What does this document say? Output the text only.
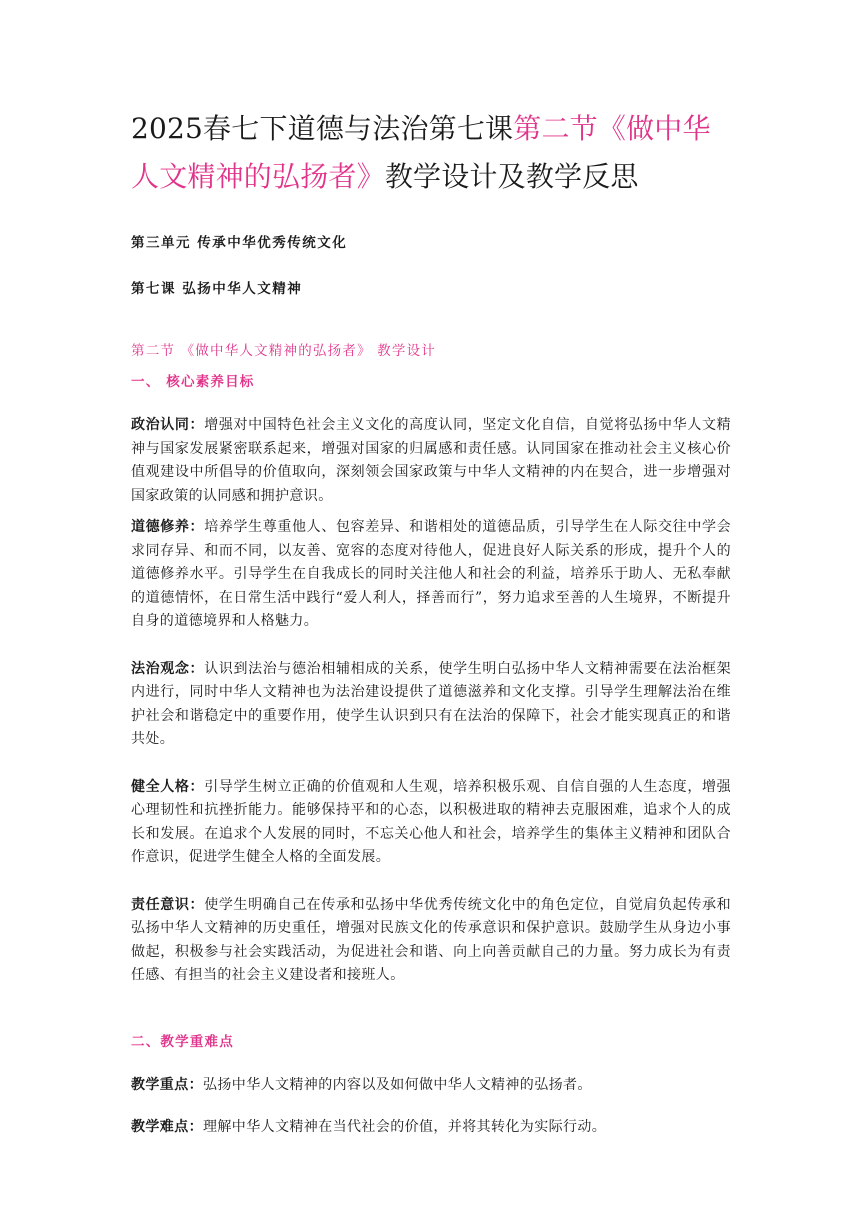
2025春七下道德与法治第七课第二节《做中华人文精神的弘扬者》教学设计及教学反思

第三单元 传承中华优秀传统文化

第七课 弘扬中华人文精神

第二节 《做中华人文精神的弘扬者》 教学设计

一、 核心素养目标

政治认同：增强对中国特色社会主义文化的高度认同，坚定文化自信，自觉将弘扬中华人文精神与国家发展紧密联系起来，增强对国家的归属感和责任感。认同国家在推动社会主义核心价值观建设中所倡导的价值取向，深刻领会国家政策与中华人文精神的内在契合，进一步增强对国家政策的认同感和拥护意识。

道德修养：培养学生尊重他人、包容差异、和谐相处的道德品质，引导学生在人际交往中学会求同存异、和而不同，以友善、宽容的态度对待他人，促进良好人际关系的形成，提升个人的道德修养水平。引导学生在自我成长的同时关注他人和社会的利益，培养乐于助人、无私奉献的道德情怀，在日常生活中践行“爱人利人，择善而行”，努力追求至善的人生境界，不断提升自身的道德境界和人格魅力。

法治观念：认识到法治与德治相辅相成的关系，使学生明白弘扬中华人文精神需要在法治框架内进行，同时中华人文精神也为法治建设提供了道德滋养和文化支撑。引导学生理解法治在维护社会和谐稳定中的重要作用，使学生认识到只有在法治的保障下，社会才能实现真正的和谐共处。

健全人格：引导学生树立正确的价值观和人生观，培养积极乐观、自信自强的人生态度，增强心理韧性和抗挫折能力。能够保持平和的心态，以积极进取的精神去克服困难，追求个人的成长和发展。在追求个人发展的同时，不忘关心他人和社会，培养学生的集体主义精神和团队合作意识，促进学生健全人格的全面发展。

责任意识：使学生明确自己在传承和弘扬中华优秀传统文化中的角色定位，自觉肩负起传承和弘扬中华人文精神的历史重任，增强对民族文化的传承意识和保护意识。鼓励学生从身边小事做起，积极参与社会实践活动，为促进社会和谐、向上向善贡献自己的力量。努力成长为有责任感、有担当的社会主义建设者和接班人。

二、教学重难点

教学重点：弘扬中华人文精神的内容以及如何做中华人文精神的弘扬者。

教学难点：理解中华人文精神在当代社会的价值，并将其转化为实际行动。
